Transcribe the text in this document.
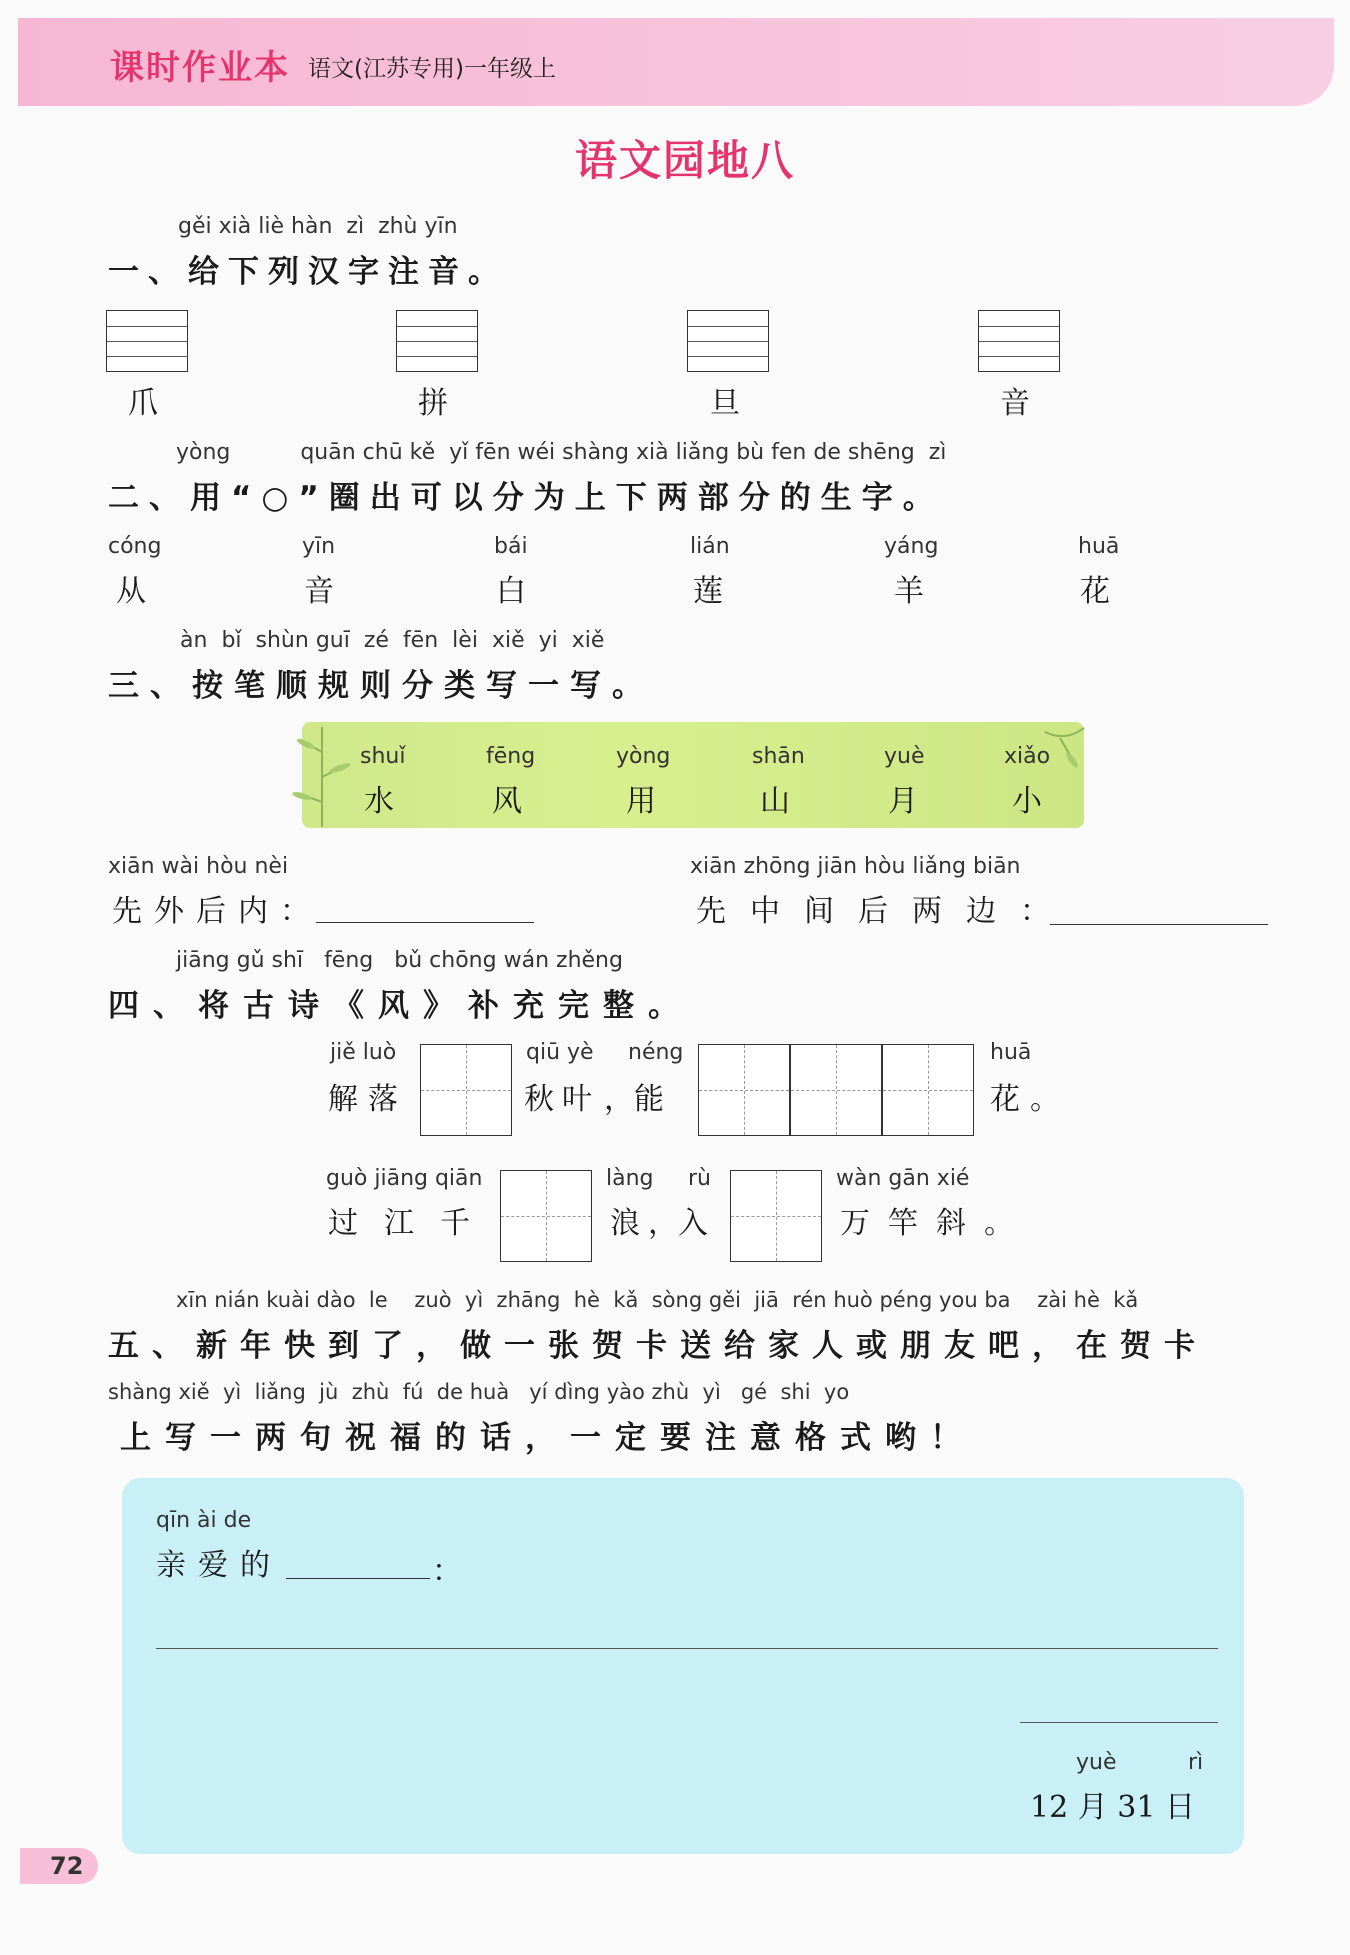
课时作业本 语文(江苏专用)一年级上
语文园地八
gěi xià liè hàn zì zhù yīn
一、给下列汉字注音。
爪	拼	旦	音
yòng	quān chū kě yǐ fēn wéi shàng xià liǎng bù fen de shēng zì
二、用“○”圈出可以分为上下两部分的生字。
cóng
从
yīn
音
bái
白
lián
莲
yáng
羊
huā
花
àn bǐ shùn guī zé fēn lèi xiě yi xiě
三、按笔顺规则分类写一写。
shuǐ
水
fēng
风
yòng
用
shān
山
yuè
月
xiǎo
小
xiān wài hòu nèi
先外后内：
xiān zhōng jiān hòu liǎng biān
先中间后两边：
jiāng gǔ shī fēng bǔ chōng wán zhěng
四、将古诗《风》补充完整。
jiě luò
解落
qiū yè
秋叶
néng
，能
huā
花。
guò jiāng qiān
过江千
làng
浪
rù
，入
wàn gān xié
万竿斜。
xīn nián kuài dào le zuò yì zhāng hè kǎ sòng gěi jiā rén huò péng you ba zài hè kǎ
五、新年快到了，做一张贺卡送给家人或朋友吧，在贺卡
shàng xiě yì liǎng jù zhù fú de huà yí dìng yào zhù yì gé shi yo
上写一两句祝福的话，一定要注意格式哟！
qīn ài de
亲爱的	：
yuè	rì
12 月 31 日
72
